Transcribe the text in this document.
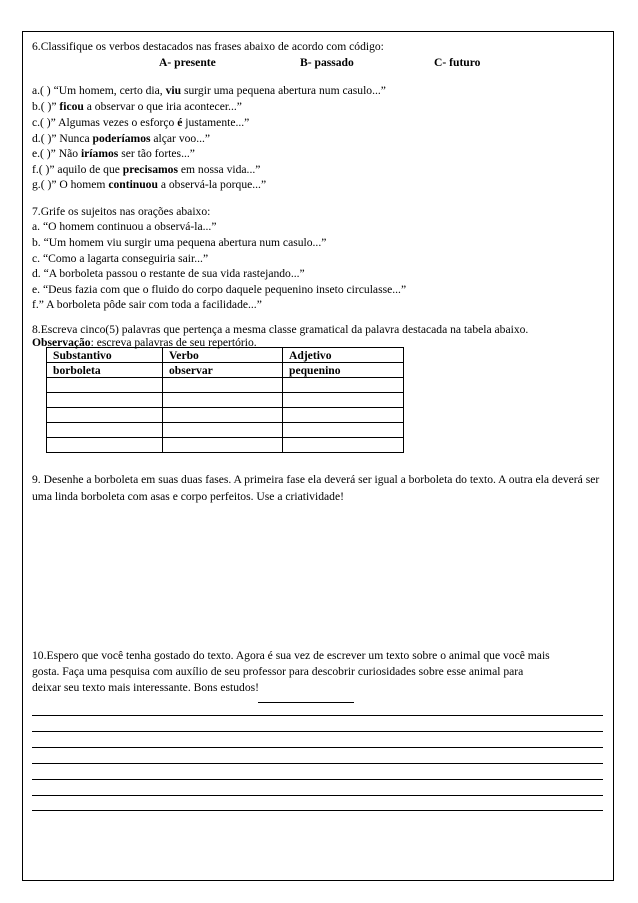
6.Classifique os verbos destacados nas frases abaixo de acordo com código:
A- presente	B- passado	C- futuro
a.( ) “Um homem, certo dia, viu surgir uma pequena abertura num casulo...”
b.( )” ficou a observar o que iria acontecer...”
c.( )” Algumas vezes o esforço é justamente...”
d.( )” Nunca poderíamos alçar voo...”
e.( )” Não iríamos ser tão fortes...”
f.( )” aquilo de que precisamos em nossa vida...”
g.( )” O homem continuou a observá-la porque...”
7.Grife os sujeitos nas orações abaixo:
a. “O homem continuou a observá-la...”
b. “Um homem viu surgir uma pequena abertura num casulo...”
c. “Como a lagarta conseguiria sair...”
d. “A borboleta passou o restante de sua vida rastejando...”
e. “Deus fazia com que o fluido do corpo daquele pequenino inseto circulasse...”
f.” A borboleta pôde sair com toda a facilidade...”
8.Escreva cinco(5) palavras que pertença a mesma classe gramatical da palavra destacada na tabela abaixo.
Observação: escreva palavras de seu repertório.
Substantivo	Verbo	Adjetivo
borboleta	observar	pequenino

9. Desenhe a borboleta em suas duas fases. A primeira fase ela deverá ser igual a borboleta do texto. A outra ela deverá ser uma linda borboleta com asas e corpo perfeitos. Use a criatividade!
10.Espero que você tenha gostado do texto. Agora é sua vez de escrever um texto sobre o animal que você mais
gosta. Faça uma pesquisa com auxílio de seu professor para descobrir curiosidades sobre esse animal para
deixar seu texto mais interessante. Bons estudos!
